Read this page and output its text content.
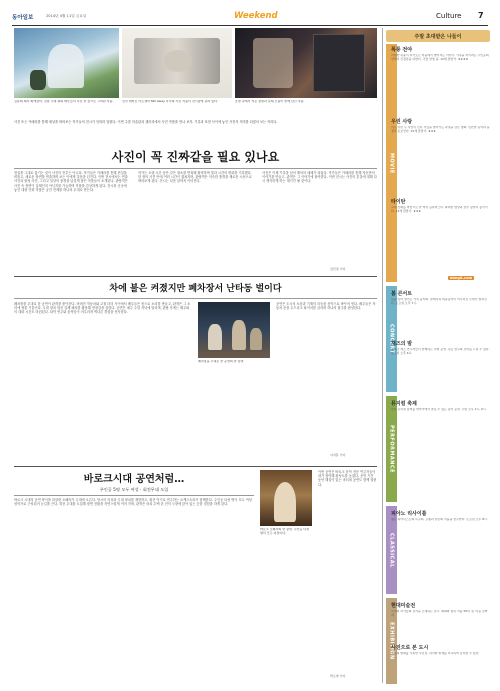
동아일보	2014년 4월 11일 금요일	Weekend	Culture 7
김용태 제작 화개장터, 전통 무대 위의 배우들이 사진 한 장으로 그려낸 작품.	신사 대학로 아트센터 Fall Away 작가의 사진 작품이 전시장에 걸려 있다.	조명 속에서 찍은 장면과 실제 모습이 함께 담긴 작품.
사진 또는 카메라를 통해 세상을 바라보는 작가들의 전시가 잇따라 열린다. 이번 주말 미술관과 갤러리에서 사진 작품을 만나 보자. 기록과 표현 사이에 놓인 사진의 의미를 되짚어 보는 자리다.
사진이 꼭 진짜같을 필요 있나요
현실을 그대로 옮기는 것이 사진의 전부는 아니다. 작가들은 카메라를 통해 현실을 비틀고, 새로운 장면을 연출하며 보는 이에게 질문을 던진다. 이번 전시에서는 연출 사진과 합성 사진, 그리고 일상의 풍경을 낯설게 담은 작품들이 소개된다. 관람객은 사진 속 장면이 실제인지 아닌지를 가늠하며 작품을 감상하게 된다. 전시장 곳곳에 놓인 대형 인화 작품은 공간 전체를 하나의 무대로 만든다.
작가는 오랜 시간 동안 같은 장소를 반복해 촬영하며 빛과 시간의 변화를 기록했다. 한 장의 사진 안에 여러 시간이 겹쳐지며, 관람객은 익숙한 풍경을 새로운 시선으로 바라보게 된다. 전시는 다음 달까지 이어진다.
사진은 이제 기록을 넘어 해석의 매체가 되었다. 작가들은 카메라를 통해 자신만의 이야기를 만들고, 관객은 그 이야기에 참여한다. 이번 전시는 사진의 본질에 대해 다시 생각하게 하는 계기가 될 것이다.
김민정 기자
차에 불은 켜졌지만 폐차장서 난타동 벌이다
폐차장을 무대로 한 공연이 관객을 찾아간다. 버려진 자동차와 고철 더미 사이에서 배우들은 몸으로 소리를 만들고, 관객은 그 소리에 귀를 기울인다. 무대 장치 대신 실제 폐차를 활용해 현장감을 살렸다. 공연은 매주 주말 저녁에 열리며, 관람 후에는 배우와의 대화 시간도 마련된다. 타악 연주와 움직임이 어우러져 색다른 경험을 선사한다.
폐차장을 무대로 한 공연의 한 장면.
공연은 도시의 소음과 기계의 리듬을 음악으로 바꾸어 낸다. 배우들은 자동차 문을 두드리고 타이어를 굴리며 하나의 합주를 완성한다.
이지훈 기자
바로크시대 공연처럼…
주인공 5명 모두 여성 · 회전무대 도입
바로크 시대의 공연 양식을 되살린 오페라가 무대에 오른다. 당시의 의상과 무대 장치를 재현하고, 원전 악기로 연주하는 오케스트라가 함께한다. 주인공 다섯 명이 모두 여성 성악가로 구성되어 눈길을 끈다. 회전 무대를 도입해 장면 전환을 자연스럽게 이어 가며, 관객은 마치 수백 년 전의 극장에 앉아 있는 듯한 경험을 하게 된다.
바로크 오페라의 한 장면. 주인공 다섯 명이 모두 여성이다.
이번 공연은 바로크 음악 전문 연주자들이 대거 참여해 완성도를 높였다. 공연 기간 동안 해설이 있는 마티네 공연도 함께 열린다.
박소영 기자
주말 초대받은 나들이
MOVIE
CONCERT
PERFORMANCE
CLASSICAL
EXHIBITION
폭풍 전야
거대한 폭풍이 다가오는 마을에서 벌어지는 이야기. 가족을 지키려는 주인공의 선택이 긴장감을 더한다. 극장 상영 중. 12세 관람가. ★★★★
우린 사랑
서로 다른 두 사람이 만나 사랑을 찾아가는 과정을 담은 영화. 잔잔한 음악과 풍경이 돋보인다. 15세 관람가. ★★★
타이탄
고대 신화를 바탕으로 한 액션 블록버스터. 화려한 영상과 전투 장면이 볼거리다. 12세 관람가. ★★★
dongA.com
봄 콘서트
봄을 맞아 열리는 가족 음악회. 클래식과 대중음악이 어우러진 무대가 펼쳐진다. 토요일 오후 7시.
재즈의 밤
정상급 재즈 연주자들이 함께하는 특별 공연. 즉흥 연주의 묘미를 느낄 수 있다. 일요일 오후 6시.
뮤지컬 축제
인기 뮤지컬 넘버를 한자리에서 즐길 수 있는 갈라 공연. 주말 오후 2시, 6시.
피아노 리사이틀
젊은 피아니스트의 독주회. 쇼팽과 슈만의 작품을 연주한다. 토요일 오후 8시.
현대미술전
국내외 작가들의 신작을 소개하는 전시. 회화와 설치 작품 50여 점. 다음 달까지.
사진으로 본 도시
도시의 변화를 기록한 사진전. 과거와 현재를 비교하며 감상할 수 있다.
